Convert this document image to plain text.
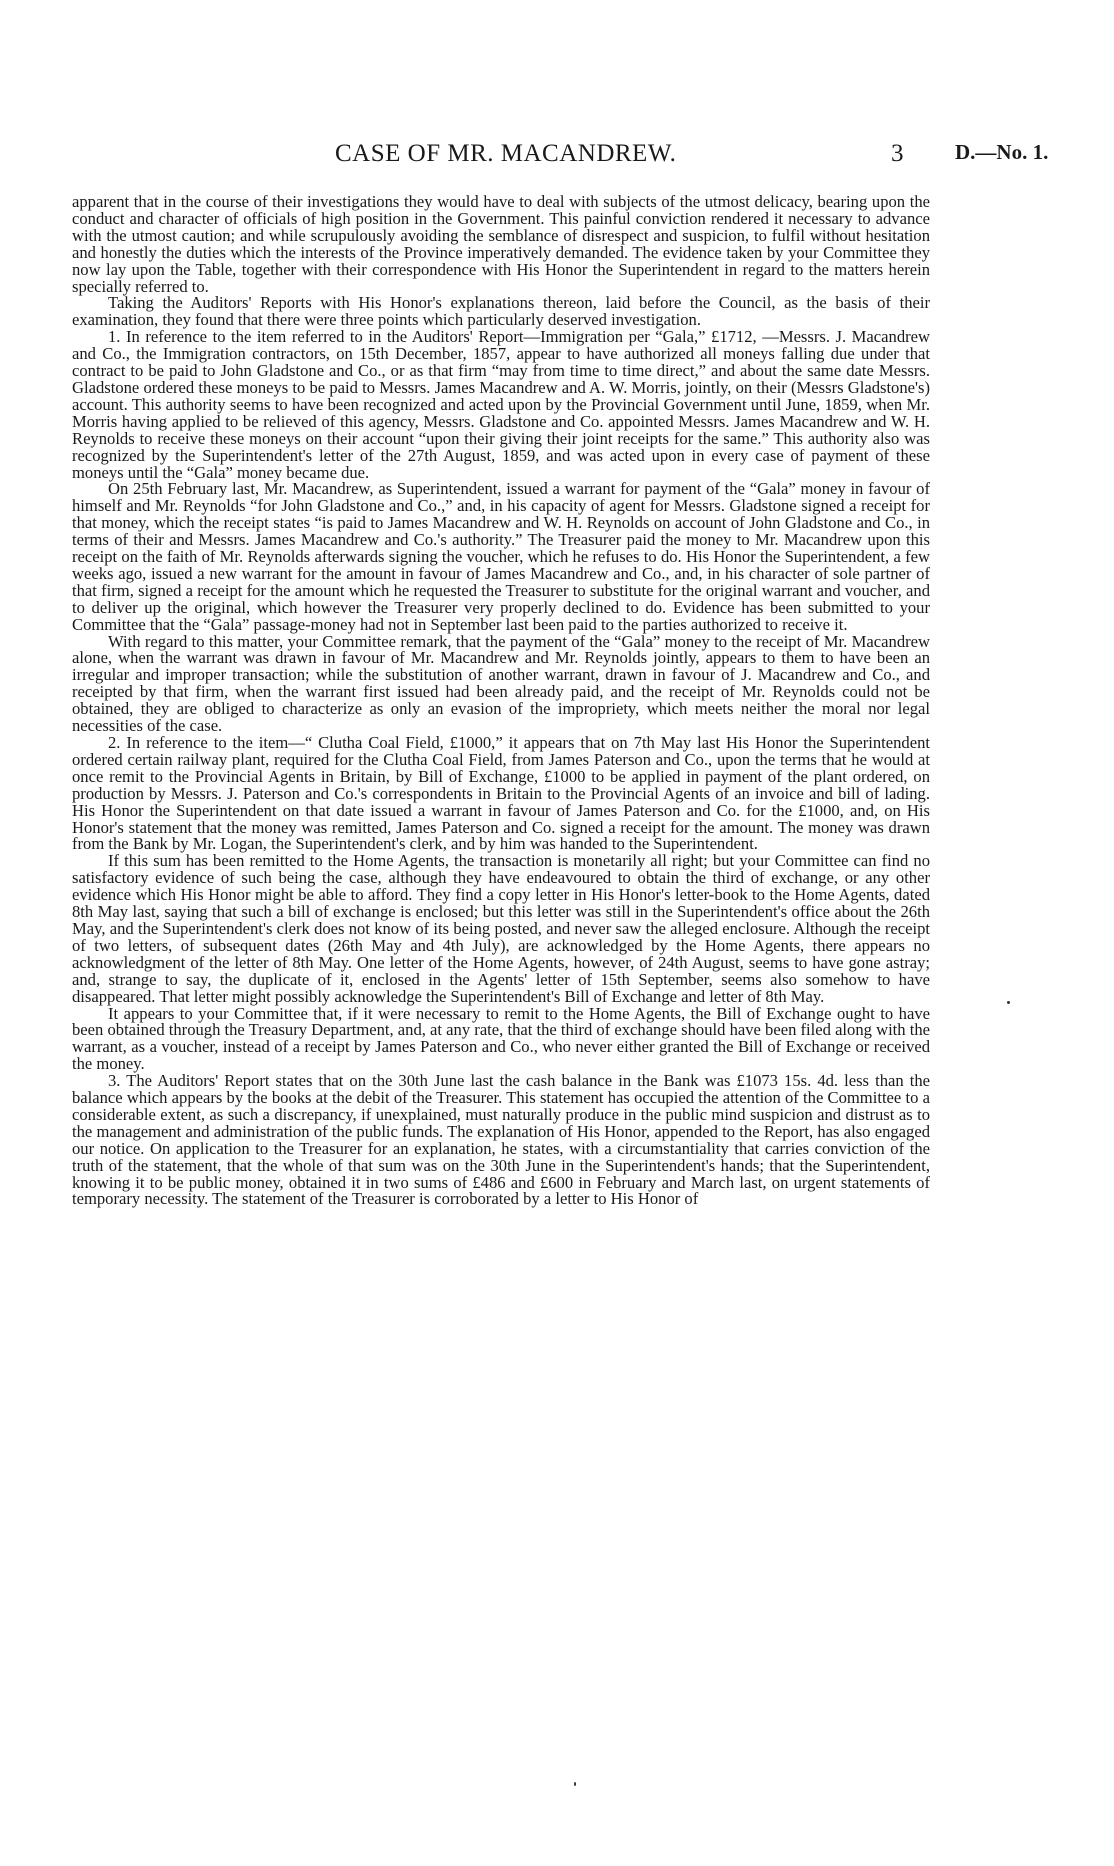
CASE OF MR. MACANDREW.	3 D.—No. 1.

apparent that in the course of their investigations they would have to deal with subjects of the utmost delicacy, bearing upon the conduct and character of officials of high position in the Government. This painful conviction rendered it necessary to advance with the utmost caution; and while scrupulously avoiding the semblance of disrespect and suspicion, to fulfil without hesitation and honestly the duties which the interests of the Province imperatively demanded. The evidence taken by your Committee they now lay upon the Table, together with their correspondence with His Honor the Superintendent in regard to the matters herein specially referred to.

Taking the Auditors' Reports with His Honor's explanations thereon, laid before the Council, as the basis of their examination, they found that there were three points which particularly deserved investigation.

1. In reference to the item referred to in the Auditors' Report—Immigration per “Gala,” £1712, —Messrs. J. Macandrew and Co., the Immigration contractors, on 15th December, 1857, appear to have authorized all moneys falling due under that contract to be paid to John Gladstone and Co., or as that firm “may from time to time direct,” and about the same date Messrs. Gladstone ordered these moneys to be paid to Messrs. James Macandrew and A. W. Morris, jointly, on their (Messrs Gladstone's) account. This authority seems to have been recognized and acted upon by the Provincial Government until June, 1859, when Mr. Morris having applied to be relieved of this agency, Messrs. Gladstone and Co. appointed Messrs. James Macandrew and W. H. Reynolds to receive these moneys on their account “upon their giving their joint receipts for the same.” This authority also was recognized by the Superintendent's letter of the 27th August, 1859, and was acted upon in every case of payment of these moneys until the “Gala” money became due.

On 25th February last, Mr. Macandrew, as Superintendent, issued a warrant for payment of the “Gala” money in favour of himself and Mr. Reynolds “for John Gladstone and Co.,” and, in his capacity of agent for Messrs. Gladstone signed a receipt for that money, which the receipt states “is paid to James Macandrew and W. H. Reynolds on account of John Gladstone and Co., in terms of their and Messrs. James Macandrew and Co.'s authority.” The Treasurer paid the money to Mr. Macandrew upon this receipt on the faith of Mr. Reynolds afterwards signing the voucher, which he refuses to do. His Honor the Superintendent, a few weeks ago, issued a new warrant for the amount in favour of James Macandrew and Co., and, in his character of sole partner of that firm, signed a receipt for the amount which he requested the Treasurer to substitute for the original warrant and voucher, and to deliver up the original, which however the Treasurer very properly declined to do. Evidence has been submitted to your Committee that the “Gala” passage-money had not in September last been paid to the parties authorized to receive it.

With regard to this matter, your Committee remark, that the payment of the “Gala” money to the receipt of Mr. Macandrew alone, when the warrant was drawn in favour of Mr. Macandrew and Mr. Reynolds jointly, appears to them to have been an irregular and improper transaction; while the substitution of another warrant, drawn in favour of J. Macandrew and Co., and receipted by that firm, when the warrant first issued had been already paid, and the receipt of Mr. Reynolds could not be obtained, they are obliged to characterize as only an evasion of the impropriety, which meets neither the moral nor legal necessities of the case.

2. In reference to the item—“ Clutha Coal Field, £1000,” it appears that on 7th May last His Honor the Superintendent ordered certain railway plant, required for the Clutha Coal Field, from James Paterson and Co., upon the terms that he would at once remit to the Provincial Agents in Britain, by Bill of Exchange, £1000 to be applied in payment of the plant ordered, on production by Messrs. J. Paterson and Co.'s correspondents in Britain to the Provincial Agents of an invoice and bill of lading. His Honor the Superintendent on that date issued a warrant in favour of James Paterson and Co. for the £1000, and, on His Honor's statement that the money was remitted, James Paterson and Co. signed a receipt for the amount. The money was drawn from the Bank by Mr. Logan, the Superintendent's clerk, and by him was handed to the Superintendent.

If this sum has been remitted to the Home Agents, the transaction is monetarily all right; but your Committee can find no satisfactory evidence of such being the case, although they have endeavoured to obtain the third of exchange, or any other evidence which His Honor might be able to afford. They find a copy letter in His Honor's letter-book to the Home Agents, dated 8th May last, saying that such a bill of exchange is enclosed; but this letter was still in the Superintendent's office about the 26th May, and the Superintendent's clerk does not know of its being posted, and never saw the alleged enclosure. Although the receipt of two letters, of subsequent dates (26th May and 4th July), are acknowledged by the Home Agents, there appears no acknowledgment of the letter of 8th May. One letter of the Home Agents, however, of 24th August, seems to have gone astray; and, strange to say, the duplicate of it, enclosed in the Agents' letter of 15th September, seems also somehow to have disappeared. That letter might possibly acknowledge the Superintendent's Bill of Exchange and letter of 8th May.

It appears to your Committee that, if it were necessary to remit to the Home Agents, the Bill of Exchange ought to have been obtained through the Treasury Department, and, at any rate, that the third of exchange should have been filed along with the warrant, as a voucher, instead of a receipt by James Paterson and Co., who never either granted the Bill of Exchange or received the money.

3. The Auditors' Report states that on the 30th June last the cash balance in the Bank was £1073 15s. 4d. less than the balance which appears by the books at the debit of the Treasurer. This statement has occupied the attention of the Committee to a considerable extent, as such a discrepancy, if unexplained, must naturally produce in the public mind suspicion and distrust as to the management and administration of the public funds. The explanation of His Honor, appended to the Report, has also engaged our notice. On application to the Treasurer for an explanation, he states, with a circumstantiality that carries conviction of the truth of the statement, that the whole of that sum was on the 30th June in the Superintendent's hands; that the Superintendent, knowing it to be public money, obtained it in two sums of £486 and £600 in February and March last, on urgent statements of temporary necessity. The statement of the Treasurer is corroborated by a letter to His Honor of
